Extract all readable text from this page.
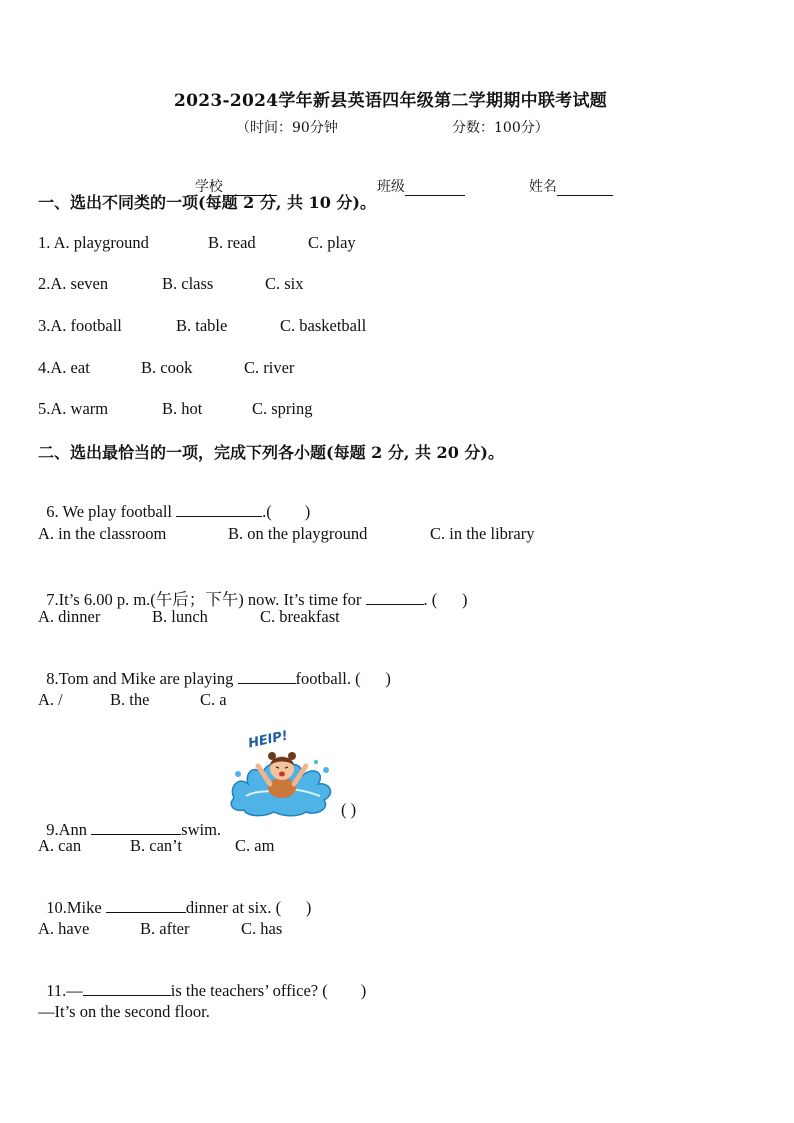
2023-2024学年新县英语四年级第二学期期中联考试题
（时间：90分钟	分数：100分）

学校	班级	姓名

一、选出不同类的一项(每题 2 分, 共 10 分)。
1. A. playground	B. read	C. play
2.A. seven	B. class	C. six
3.A. football	B. table	C. basketball
4.A. eat	B. cook	C. river
5.A. warm	B. hot	C. spring
二、选出最恰当的一项，完成下列各小题(每题 2 分, 共 20 分)。

6. We play football	.(        )

A. in the classroom	B. on the playground	C. in the library

7.It’s 6.00 p. m.(午后；下午) now. It’s time for	. (      )

A. dinner	B. lunch	C. breakfast

8.Tom and Mike are playing	football. (      )

A. /	B. the	C. a
HEIP!

9.Ann	swim.

( )
A. can	B. can’t	C. am

10.Mike	dinner at six. (      )

A. have	B. after	C. has

11.—	is the teachers’ office? (        )

—It’s on the second floor.
